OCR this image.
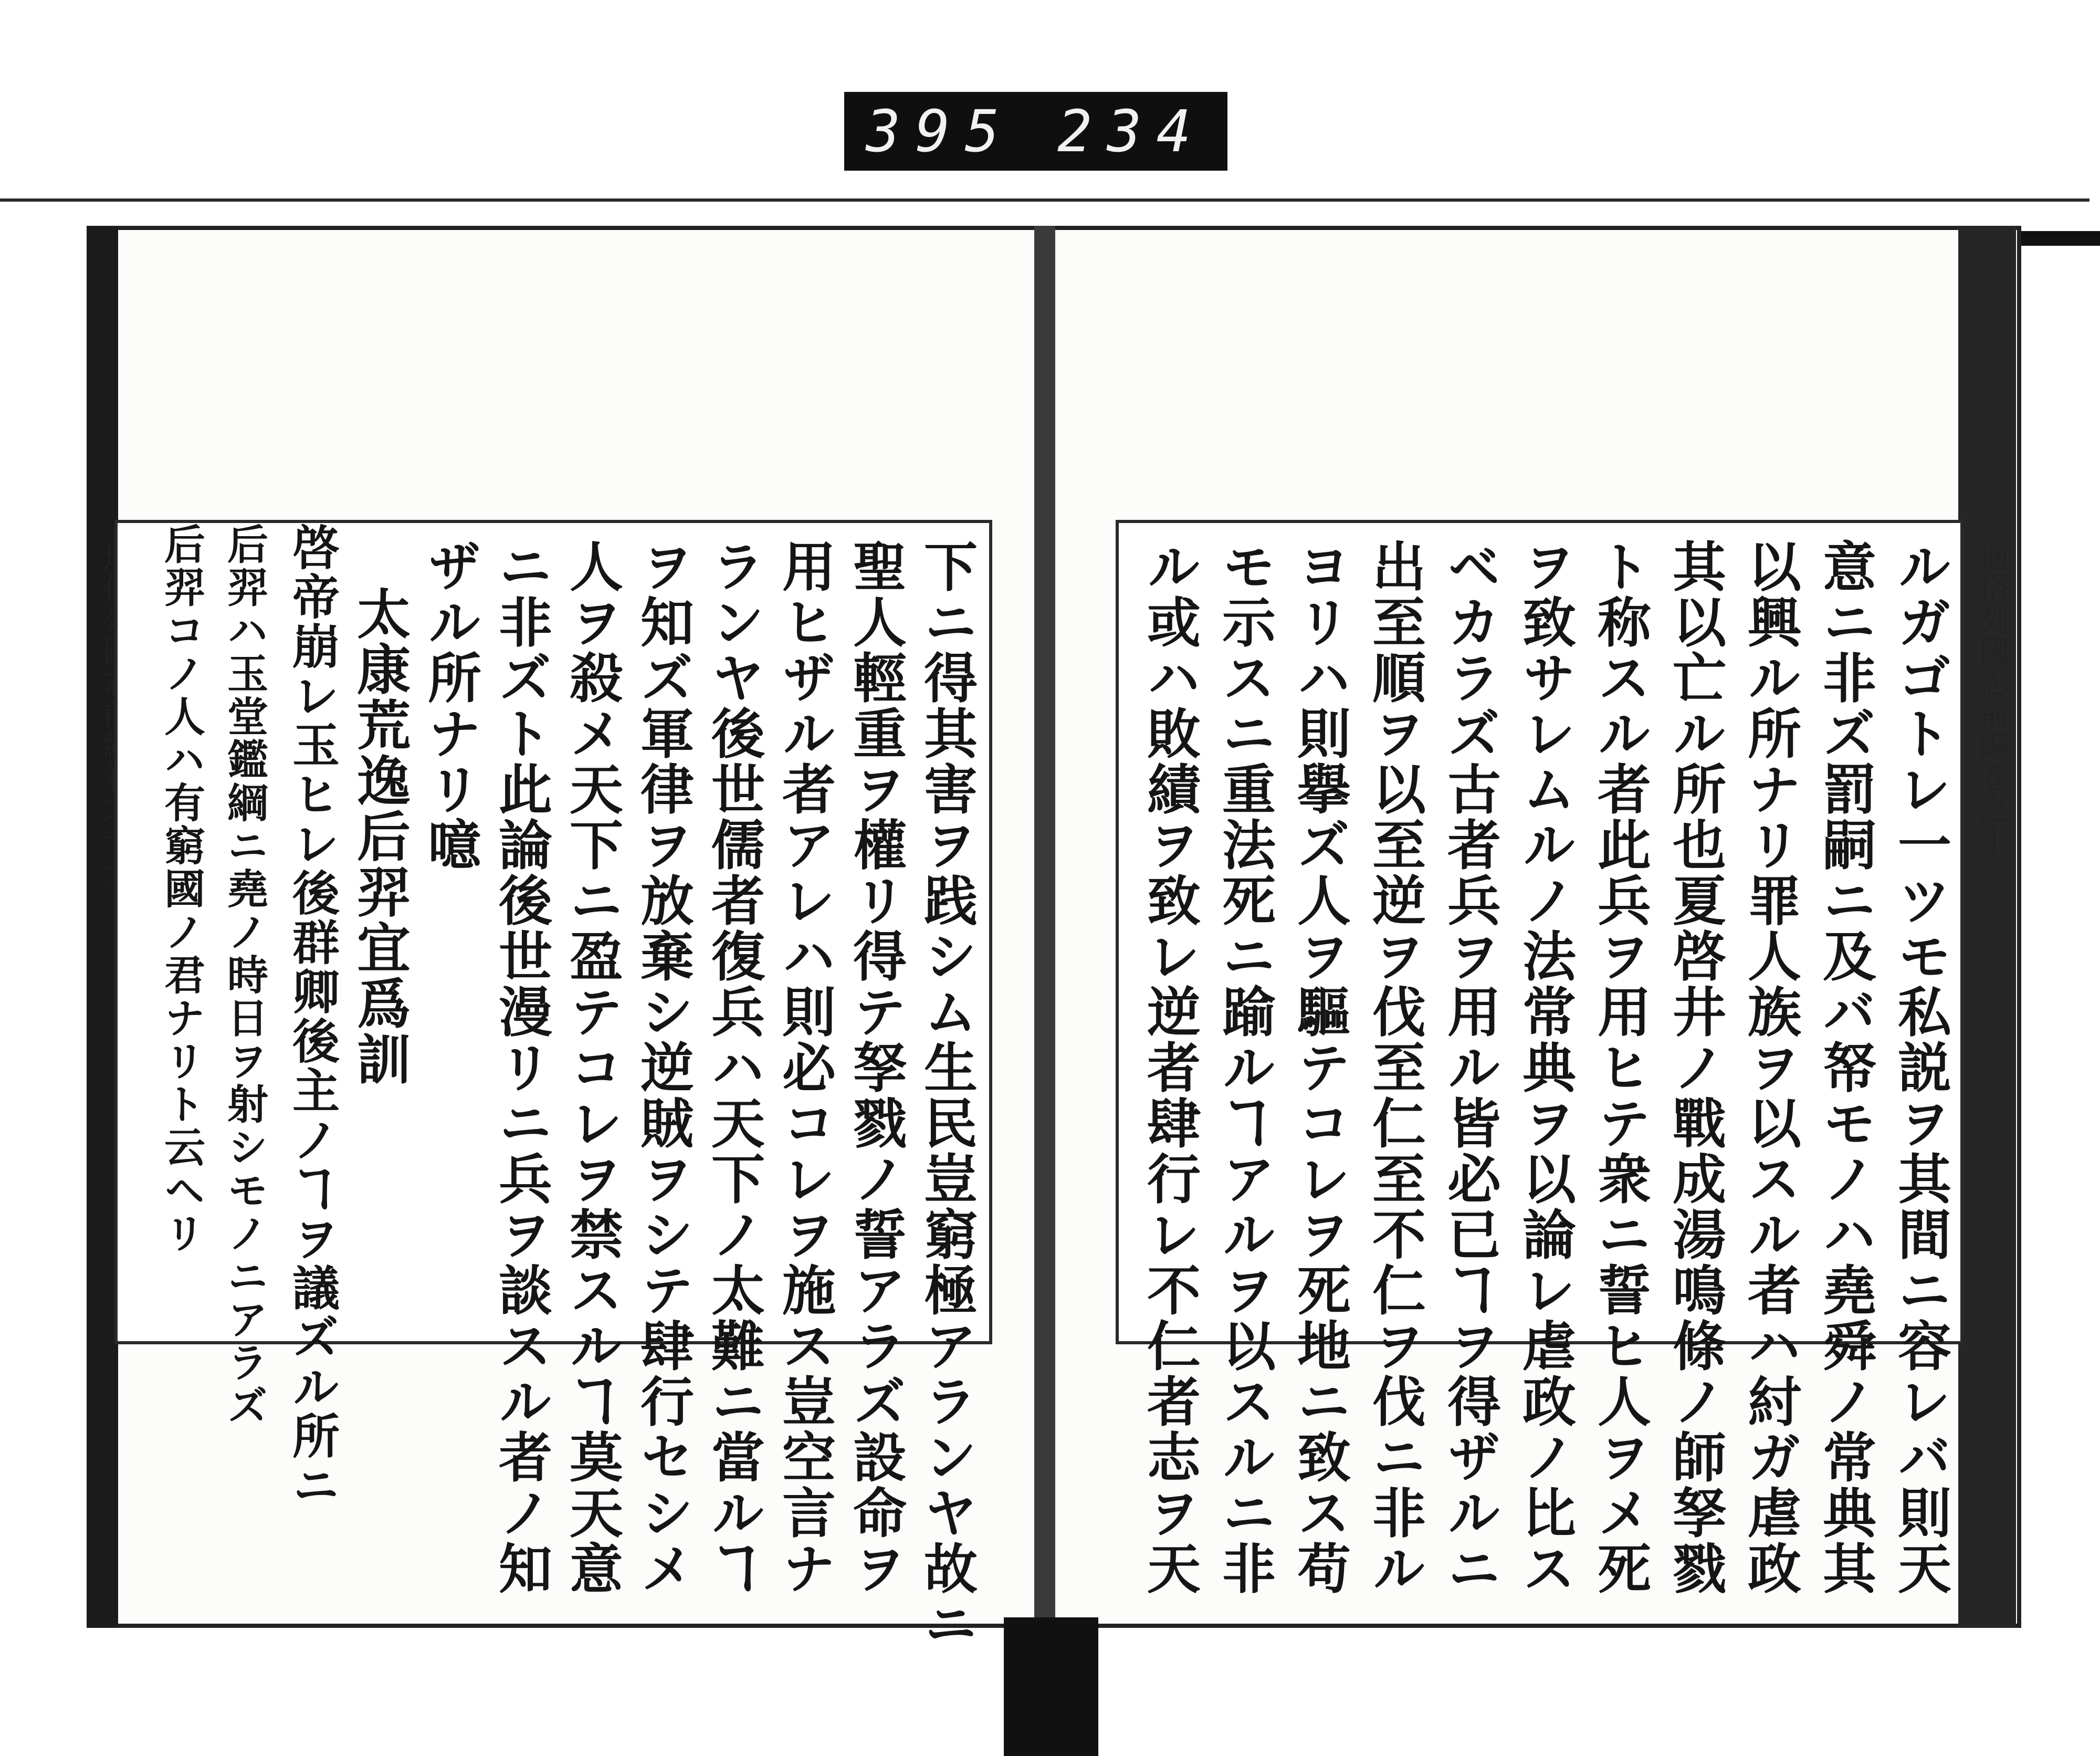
395 234
通俗列國志前編卷之十
下ニ得其害ヲ践シム生民豈窮極アランヤ故ニ
聖人輕重ヲ權リ得テ孥戮ノ誓アラズ設命ヲ
用ヒザル者アレハ則必コレヲ施ス豈空言ナ
ランヤ後世儒者復兵ハ天下ノ太難ニ當ルヿ
ヲ知ズ軍律ヲ放棄シ逆賊ヲシテ肆行セシメ
人ヲ殺メ天下ニ盈テコレヲ禁スルヿ莫天意
ニ非ズト此論後世漫リニ兵ヲ談スル者ノ知
ザル所ナリ噫
太康荒逸后羿宜爲訓
啓帝崩レ玉ヒレ後群卿後主ノヿヲ議ズル所ニ
后羿ハ玉堂鑑綱ニ堯ノ時日ヲ射シモノニアラズ
后羿コノ人ハ有窮國ノ君ナリト云ヘリ	ルガゴトレ一ツモ私説ヲ其間ニ容レバ則天
意ニ非ズ罰嗣ニ及バ帑モノハ堯舜ノ常典其
以興ル所ナリ罪人族ヲ以スル者ハ紂ガ虐政
其以亡ル所也夏啓井ノ戰成湯鳴條ノ師孥戮
ト称スル者此兵ヲ用ヒテ衆ニ誓ヒ人ヲメ死
ヲ致サレムルノ法常典ヲ以論レ虐政ノ比ス
ベカラズ古者兵ヲ用ル皆必已ヿヲ得ザルニ
出至順ヲ以至逆ヲ伐至仁至不仁ヲ伐ニ非ル
ヨリハ則擧ズ人ヲ驅テコレヲ死地ニ致ス苟
モ示スニ重法死ニ踰ルヿアルヲ以スルニ非
ル或ハ敗績ヲ致レ逆者肆行レ不仁者志ヲ天
